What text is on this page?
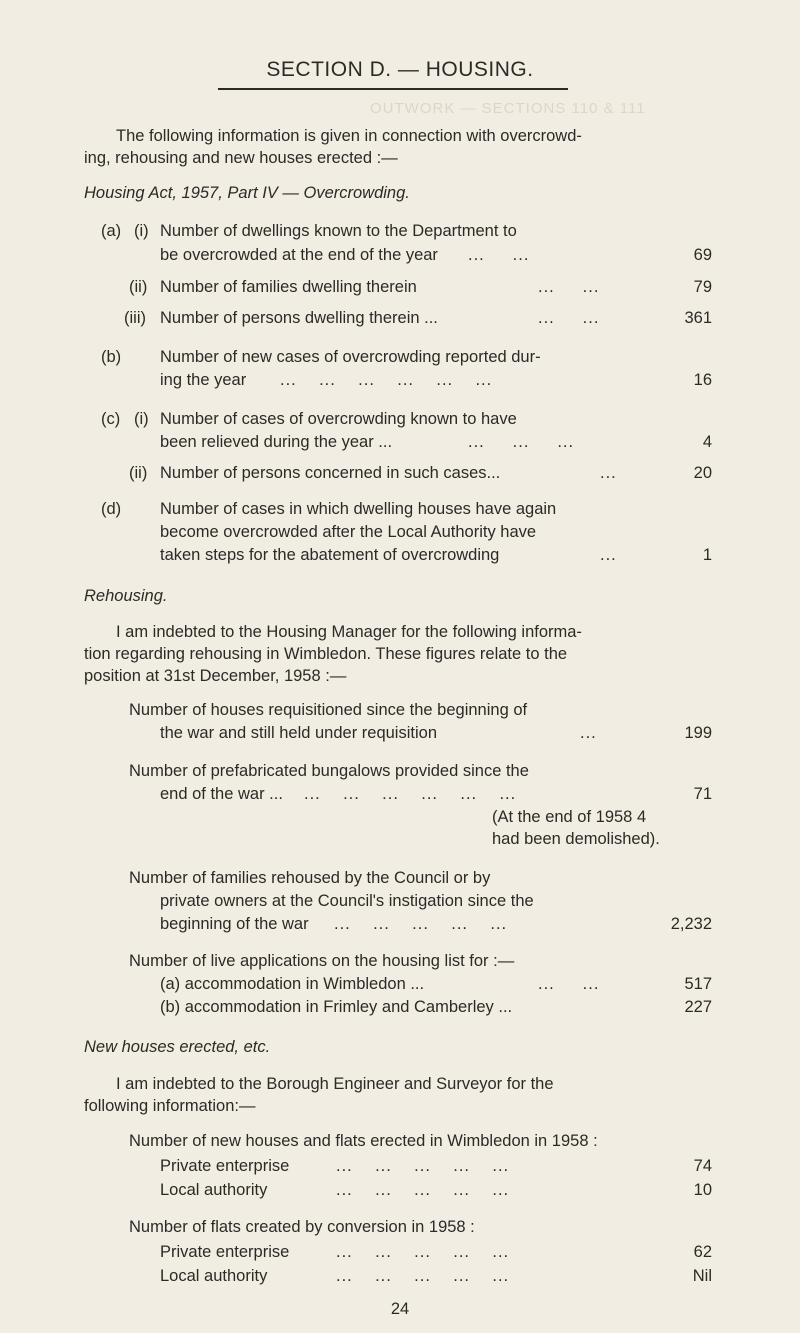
SECTION D. — HOUSING.
OUTWORK — SECTIONS 110 & 111
The following information is given in connection with overcrowd-
ing, rehousing and new houses erected :—
Housing Act, 1957, Part IV — Overcrowding.
(a) (i) Number of dwellings known to the Department to
be overcrowded at the end of the year ...     ...	69
(ii) Number of families dwelling therein	...     ...	79
(iii) Number of persons dwelling therein ...	...     ...	361
(b) Number of new cases of overcrowding reported dur-
ing the year ...    ...    ...    ...    ...    ...	16
(c) (i) Number of cases of overcrowding known to have
been relieved during the year ...	...     ...     ...	4
(ii) Number of persons concerned in such cases...	...	20
(d) Number of cases in which dwelling houses have again
become overcrowded after the Local Authority have
taken steps for the abatement of overcrowding	...	1
Rehousing.
I am indebted to the Housing Manager for the following informa-
tion regarding rehousing in Wimbledon. These figures relate to the
position at 31st December, 1958 :—
Number of houses requisitioned since the beginning of
the war and still held under requisition	...	199
Number of prefabricated bungalows provided since the
end of the war ... ...    ...    ...    ...    ...    ...	71
(At the end of 1958 4
had been demolished).
Number of families rehoused by the Council or by
private owners at the Council's instigation since the
beginning of the war ...    ...    ...    ...    ...	2,232
Number of live applications on the housing list for :—
(a) accommodation in Wimbledon ...	...     ...	517
(b) accommodation in Frimley and Camberley ...	227
New houses erected, etc.
I am indebted to the Borough Engineer and Surveyor for the
following information:—
Number of new houses and flats erected in Wimbledon in 1958 :
Private enterprise	...    ...    ...    ...    ...	74
Local authority	...    ...    ...    ...    ...	10
Number of flats created by conversion in 1958 :
Private enterprise	...    ...    ...    ...    ...	62
Local authority	...    ...    ...    ...    ...	Nil
24
